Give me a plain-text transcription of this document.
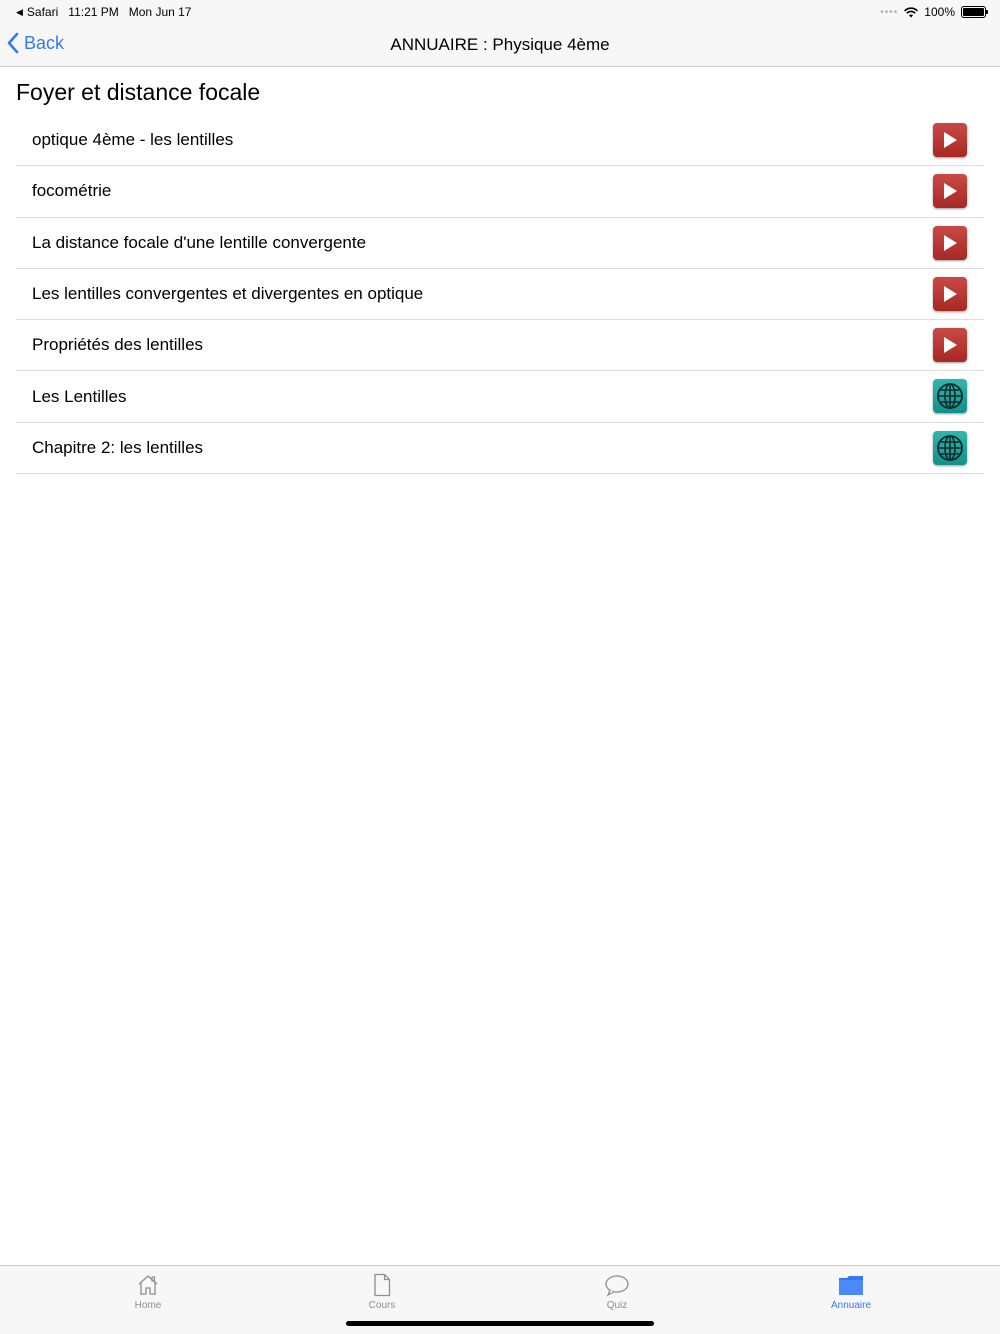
◀ Safari 11:21 PM Mon Jun 17	•••• 100%
Back	ANNUAIRE : Physique 4ème
Foyer et distance focale
optique 4ème - les lentilles
focométrie
La distance focale d'une lentille convergente
Les lentilles convergentes et divergentes en optique
Propriétés des lentilles
Les Lentilles
Chapitre 2: les lentilles
Home	Cours	Quiz	Annuaire
